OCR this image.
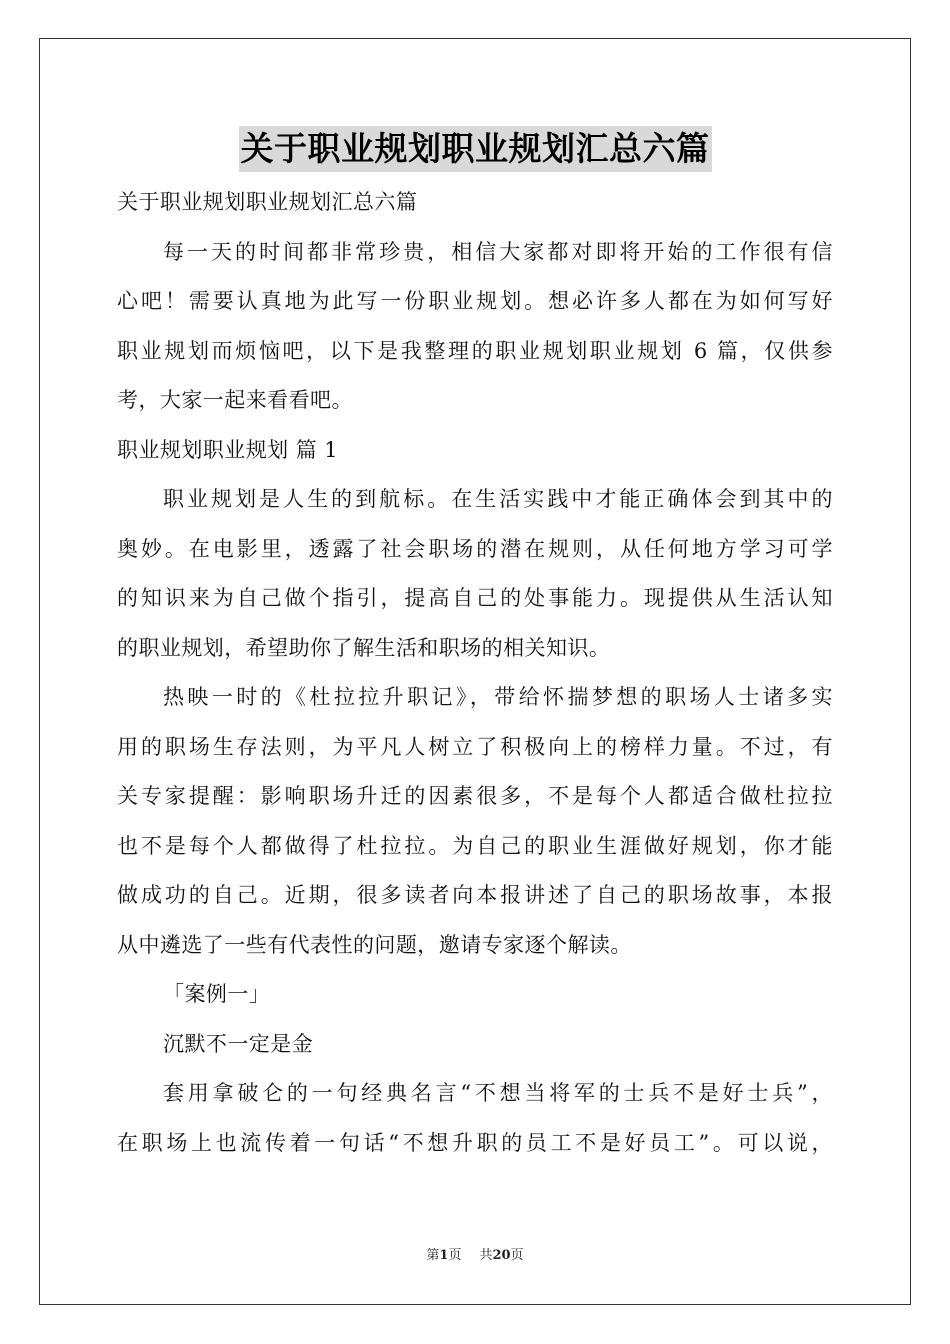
关于职业规划职业规划汇总六篇
关于职业规划职业规划汇总六篇
每一天的时间都非常珍贵，相信大家都对即将开始的工作很有信
心吧！需要认真地为此写一份职业规划。想必许多人都在为如何写好
职业规划而烦恼吧，以下是我整理的职业规划职业规划 6 篇，仅供参
考，大家一起来看看吧。
职业规划职业规划 篇 1
职业规划是人生的到航标。在生活实践中才能正确体会到其中的
奥妙。在电影里，透露了社会职场的潜在规则，从任何地方学习可学
的知识来为自己做个指引，提高自己的处事能力。现提供从生活认知
的职业规划，希望助你了解生活和职场的相关知识。
热映一时的《杜拉拉升职记》，带给怀揣梦想的职场人士诸多实
用的职场生存法则，为平凡人树立了积极向上的榜样力量。不过，有
关专家提醒：影响职场升迁的因素很多，不是每个人都适合做杜拉拉
也不是每个人都做得了杜拉拉。为自己的职业生涯做好规划，你才能
做成功的自己。近期，很多读者向本报讲述了自己的职场故事，本报
从中遴选了一些有代表性的问题，邀请专家逐个解读。
「案例一」
沉默不一定是金
套用拿破仑的一句经典名言“不想当将军的士兵不是好士兵”，
在职场上也流传着一句话“不想升职的员工不是好员工”。可以说，
第1页 共20页
